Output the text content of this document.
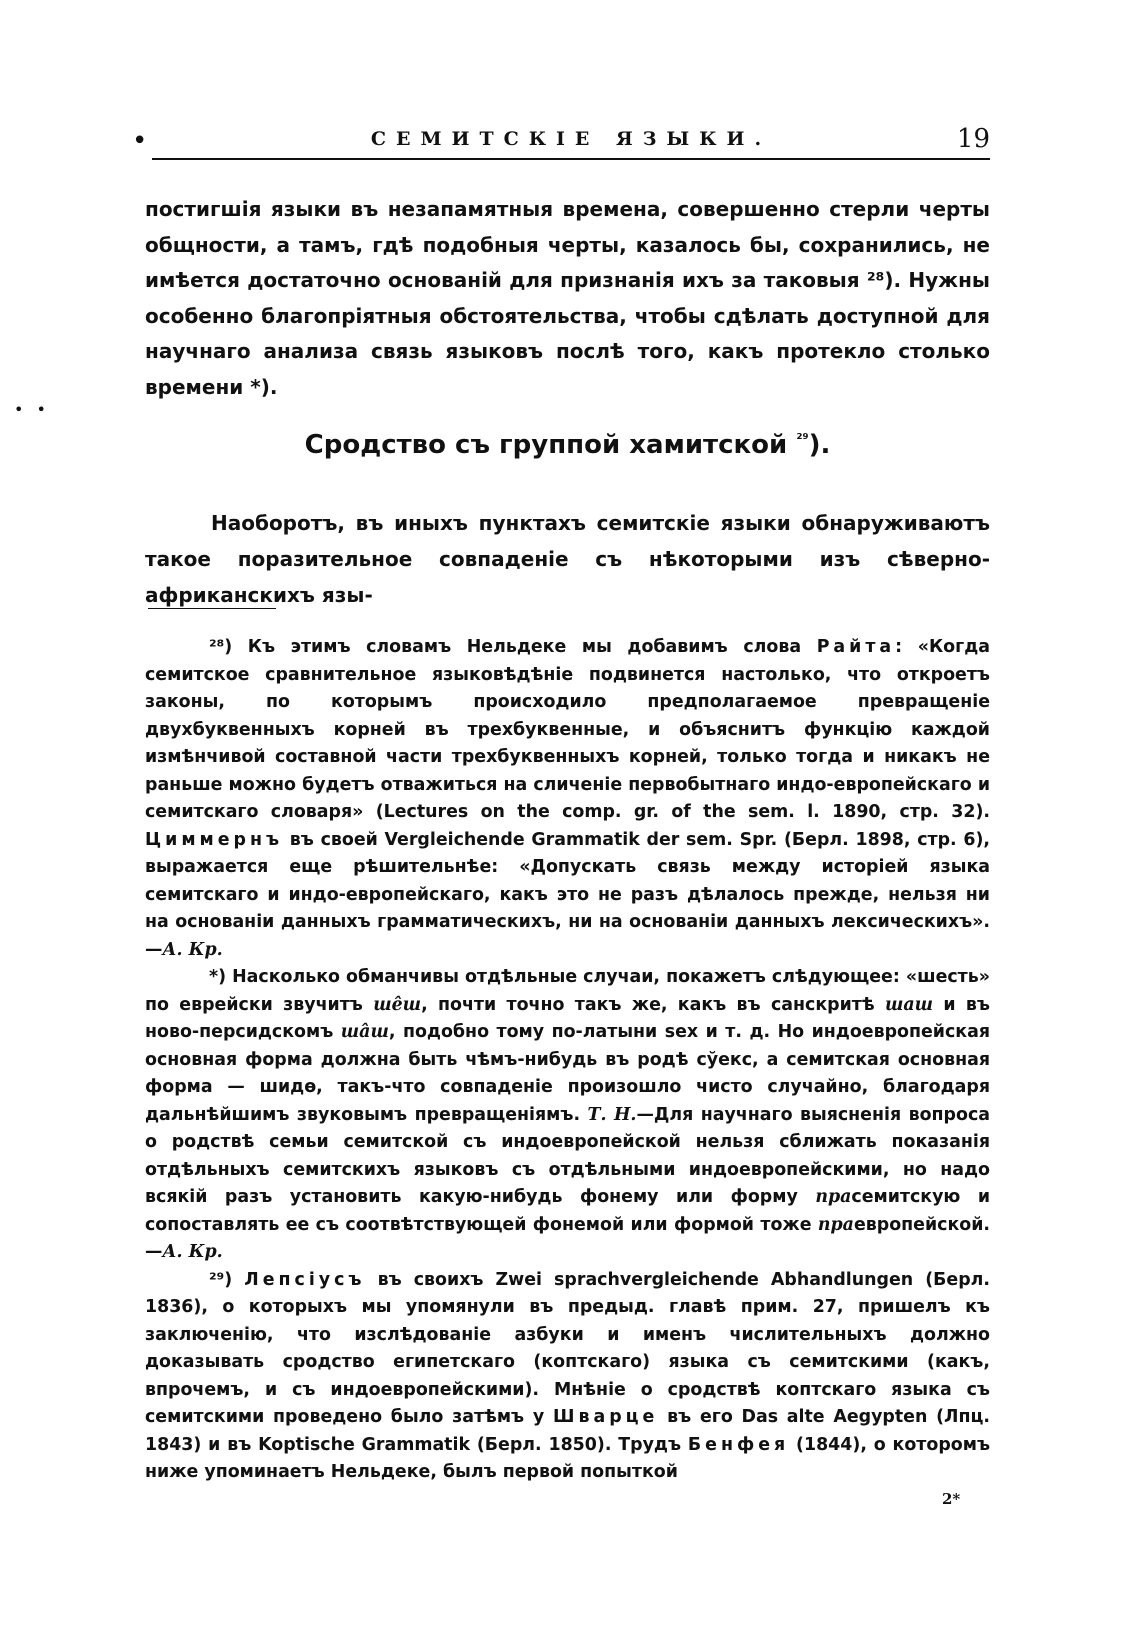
• •
•	СЕМИТСКІЕ ЯЗЫКИ.	19

постигшія языки въ незапамятныя времена, совершенно стерли черты общности, а тамъ, гдѣ подобныя черты, казалось бы, сохранились, не имѣется достаточно основаній для признанія ихъ за таковыя ²⁸). Нужны особенно благопріятныя обстоятельства, чтобы сдѣлать доступной для научнаго анализа связь языковъ послѣ того, какъ протекло столько времени *).

Сродство съ группой хамитской $^{^{29}}$).

Наоборотъ, въ иныхъ пунктахъ семитскіе языки обнаруживаютъ такое поразительное совпаденіе съ нѣкоторыми изъ сѣверно-африканскихъ язы-

²⁸) Къ этимъ словамъ Нельдеке мы добавимъ слова Райта: «Когда семитское сравнительное языковѣдѣніе подвинется настолько, что откроетъ законы, по которымъ происходило предполагаемое превращеніе двухбуквенныхъ корней въ трехбуквенные, и объяснитъ функцію каждой измѣнчивой составной части трехбуквенныхъ корней, только тогда и никакъ не раньше можно будетъ отважиться на сличеніе первобытнаго индо-европейскаго и семитскаго словаря» (Lectures on the comp. gr. of the sem. l. 1890, стр. 32). Циммернъ въ своей Vergleichende Grammatik der sem. Spr. (Берл. 1898, стр. 6), выражается еще рѣшительнѣе: «Допускать связь между исторіей языка семитскаго и индо-европейскаго, какъ это не разъ дѣлалось прежде, нельзя ни на основаніи данныхъ грамматическихъ, ни на основаніи данныхъ лексическихъ».—А. Кр.

*) Насколько обманчивы отдѣльные случаи, покажетъ слѣдующее: «шесть» по еврейски звучитъ шêш, почти точно такъ же, какъ въ санскритѣ шаш и въ ново-персидскомъ шâш, подобно тому по-латыни sex и т. д. Но индоевропейская основная форма должна быть чѣмъ-нибудь въ родѣ сўекс, а семитская основная форма — шидѳ, такъ-что совпаденіе произошло чисто случайно, благодаря дальнѣйшимъ звуковымъ превращеніямъ. Т. Н.—Для научнаго выясненія вопроса о родствѣ семьи семитской съ индоевропейской нельзя сближать показанія отдѣльныхъ семитскихъ языковъ съ отдѣльными индоевропейскими, но надо всякій разъ установить какую-нибудь фонему или форму прасемитскую и сопоставлять ее съ соотвѣтствующей фонемой или формой тоже праевропейской.—А. Кр.

²⁹) Лепсіусъ въ своихъ Zwei sprachvergleichende Abhandlungen (Берл. 1836), о которыхъ мы упомянули въ предыд. главѣ прим. 27, пришелъ къ заключенію, что изслѣдованіе азбуки и именъ числительныхъ должно доказывать сродство египетскаго (коптскаго) языка съ семитскими (какъ, впрочемъ, и съ индоевропейскими). Мнѣніе о сродствѣ коптскаго языка съ семитскими проведено было затѣмъ у Шварце въ его Das alte Aegypten (Лпц. 1843) и въ Koptische Grammatik (Берл. 1850). Трудъ Бенфея (1844), о которомъ ниже упоминаетъ Нельдеке, былъ первой попыткой

2*
